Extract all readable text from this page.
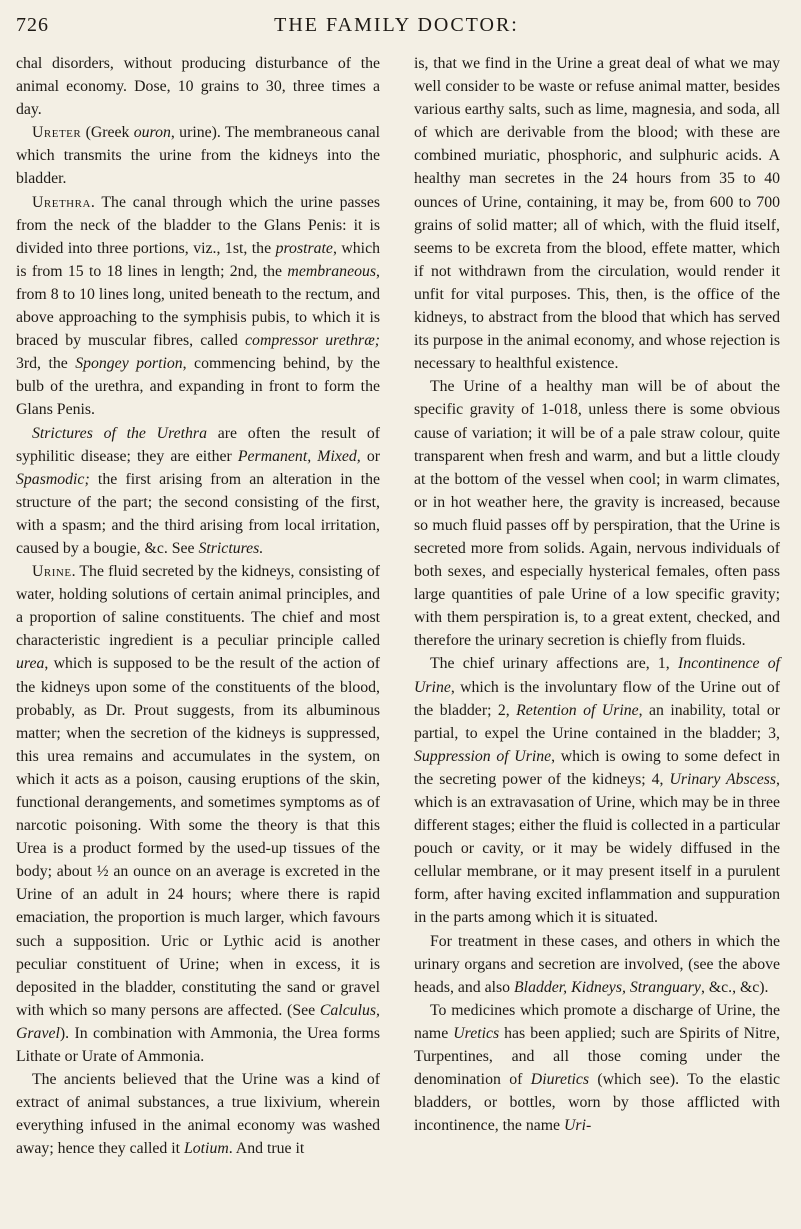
726	THE FAMILY DOCTOR:

chal disorders, without producing disturbance of the animal economy. Dose, 10 grains to 30, three times a day.

Ureter (Greek ouron, urine). The membraneous canal which transmits the urine from the kidneys into the bladder.

Urethra. The canal through which the urine passes from the neck of the bladder to the Glans Penis: it is divided into three portions, viz., 1st, the prostrate, which is from 15 to 18 lines in length; 2nd, the membraneous, from 8 to 10 lines long, united beneath to the rectum, and above approaching to the symphisis pubis, to which it is braced by muscular fibres, called compressor urethræ; 3rd, the Spongey portion, commencing behind, by the bulb of the urethra, and expanding in front to form the Glans Penis.

Strictures of the Urethra are often the result of syphilitic disease; they are either Permanent, Mixed, or Spasmodic; the first arising from an alteration in the structure of the part; the second consisting of the first, with a spasm; and the third arising from local irritation, caused by a bougie, &c. See Strictures.

Urine. The fluid secreted by the kidneys, consisting of water, holding solutions of certain animal principles, and a proportion of saline constituents. The chief and most characteristic ingredient is a peculiar principle called urea, which is supposed to be the result of the action of the kidneys upon some of the constituents of the blood, probably, as Dr. Prout suggests, from its albuminous matter; when the secretion of the kidneys is suppressed, this urea remains and accumulates in the system, on which it acts as a poison, causing eruptions of the skin, functional derangements, and sometimes symptoms as of narcotic poisoning. With some the theory is that this Urea is a product formed by the used-up tissues of the body; about ½ an ounce on an average is excreted in the Urine of an adult in 24 hours; where there is rapid emaciation, the proportion is much larger, which favours such a supposition. Uric or Lythic acid is another peculiar constituent of Urine; when in excess, it is deposited in the bladder, constituting the sand or gravel with which so many persons are affected. (See Calculus, Gravel). In combination with Ammonia, the Urea forms Lithate or Urate of Ammonia.

The ancients believed that the Urine was a kind of extract of animal substances, a true lixivium, wherein everything infused in the animal economy was washed away; hence they called it Lotium. And true it

is, that we find in the Urine a great deal of what we may well consider to be waste or refuse animal matter, besides various earthy salts, such as lime, magnesia, and soda, all of which are derivable from the blood; with these are combined muriatic, phosphoric, and sulphuric acids. A healthy man secretes in the 24 hours from 35 to 40 ounces of Urine, containing, it may be, from 600 to 700 grains of solid matter; all of which, with the fluid itself, seems to be excreta from the blood, effete matter, which if not withdrawn from the circulation, would render it unfit for vital purposes. This, then, is the office of the kidneys, to abstract from the blood that which has served its purpose in the animal economy, and whose rejection is necessary to healthful existence.

The Urine of a healthy man will be of about the specific gravity of 1-018, unless there is some obvious cause of variation; it will be of a pale straw colour, quite transparent when fresh and warm, and but a little cloudy at the bottom of the vessel when cool; in warm climates, or in hot weather here, the gravity is increased, because so much fluid passes off by perspiration, that the Urine is secreted more from solids. Again, nervous individuals of both sexes, and especially hysterical females, often pass large quantities of pale Urine of a low specific gravity; with them perspiration is, to a great extent, checked, and therefore the urinary secretion is chiefly from fluids.

The chief urinary affections are, 1, Incontinence of Urine, which is the involuntary flow of the Urine out of the bladder; 2, Retention of Urine, an inability, total or partial, to expel the Urine contained in the bladder; 3, Suppression of Urine, which is owing to some defect in the secreting power of the kidneys; 4, Urinary Abscess, which is an extravasation of Urine, which may be in three different stages; either the fluid is collected in a particular pouch or cavity, or it may be widely diffused in the cellular membrane, or it may present itself in a purulent form, after having excited inflammation and suppuration in the parts among which it is situated.

For treatment in these cases, and others in which the urinary organs and secretion are involved, (see the above heads, and also Bladder, Kidneys, Stranguary, &c., &c).

To medicines which promote a discharge of Urine, the name Uretics has been applied; such are Spirits of Nitre, Turpentines, and all those coming under the denomination of Diuretics (which see). To the elastic bladders, or bottles, worn by those afflicted with incontinence, the name Uri-
